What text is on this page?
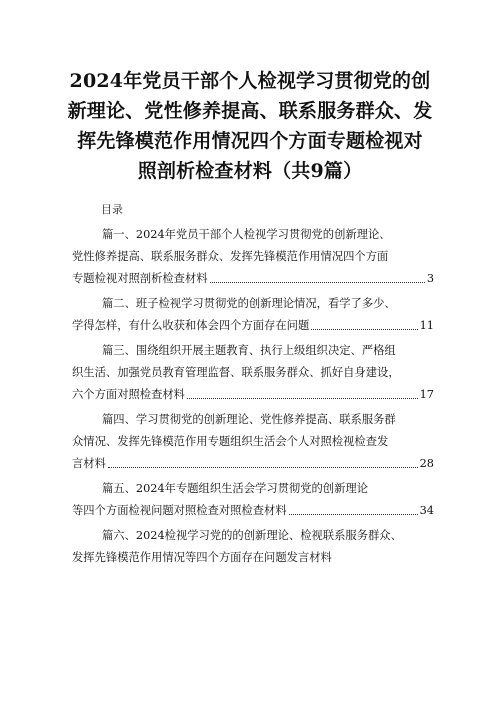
2024年党员干部个人检视学习贯彻党的创
新理论、党性修养提高、联系服务群众、发
挥先锋模范作用情况四个方面专题检视对
照剖析检查材料（共9篇）
目录
篇一、2024年党员干部个人检视学习贯彻党的创新理论、
党性修养提高、联系服务群众、发挥先锋模范作用情况四个方面
专题检视对照剖析检查材料	3
篇二、班子检视学习贯彻党的创新理论情况，看学了多少、
学得怎样，有什么收获和体会四个方面存在问题	11
篇三、围绕组织开展主题教育、执行上级组织决定、严格组
织生活、加强党员教育管理监督、联系服务群众、抓好自身建设，
六个方面对照检查材料	17
篇四、学习贯彻党的创新理论、党性修养提高、联系服务群
众情况、发挥先锋模范作用专题组织生活会个人对照检视检查发
言材料	28
篇五、2024年专题组织生活会学习贯彻党的创新理论
等四个方面检视问题对照检查对照检查材料	34
篇六、2024检视学习党的的创新理论、检视联系服务群众、
发挥先锋模范作用情况等四个方面存在问题发言材料
